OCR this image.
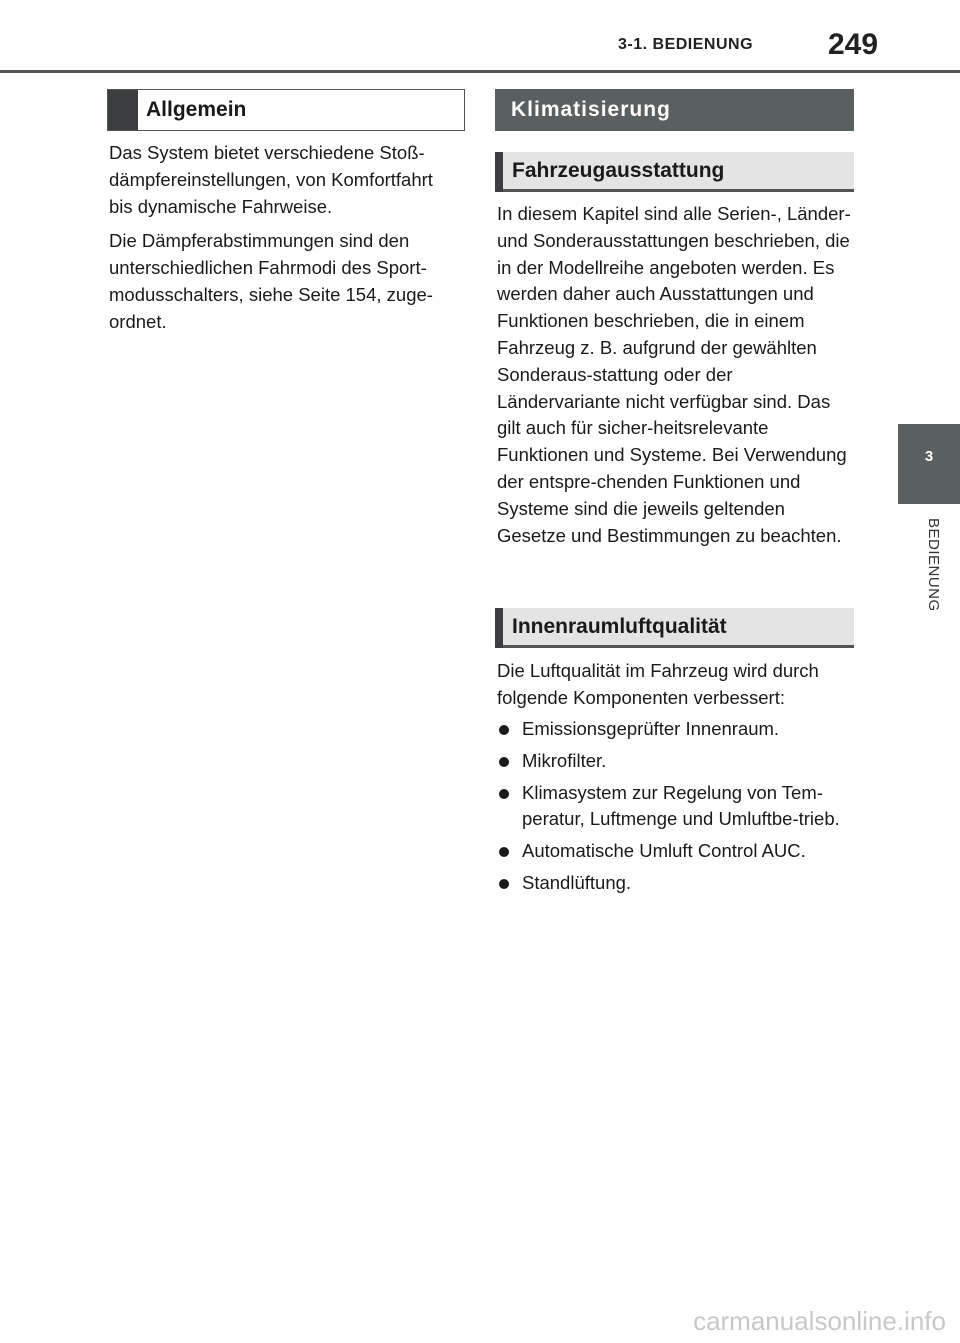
3-1. BEDIENUNG 249
3
BEDIENUNG
Allgemein

Das System bietet verschiedene Stoß-dämpfereinstellungen, von Komfortfahrt bis dynamische Fahrweise.

Die Dämpferabstimmungen sind den unterschiedlichen Fahrmodi des Sport-modusschalters, siehe Seite 154, zuge-ordnet.

Klimatisierung
Fahrzeugausstattung

In diesem Kapitel sind alle Serien-, Länder- und Sonderausstattungen beschrieben, die in der Modellreihe angeboten werden. Es werden daher auch Ausstattungen und Funktionen beschrieben, die in einem Fahrzeug z. B. aufgrund der gewählten Sonderaus-stattung oder der Ländervariante nicht verfügbar sind. Das gilt auch für sicher-heitsrelevante Funktionen und Systeme. Bei Verwendung der entspre-chenden Funktionen und Systeme sind die jeweils geltenden Gesetze und Bestimmungen zu beachten.

Innenraumluftqualität

Die Luftqualität im Fahrzeug wird durch folgende Komponenten verbessert:

Emissionsgeprüfter Innenraum.
Mikrofilter.
Klimasystem zur Regelung von Tem-peratur, Luftmenge und Umluftbe-trieb.
Automatische Umluft Control AUC.
Standlüftung.
carmanualsonline.info
